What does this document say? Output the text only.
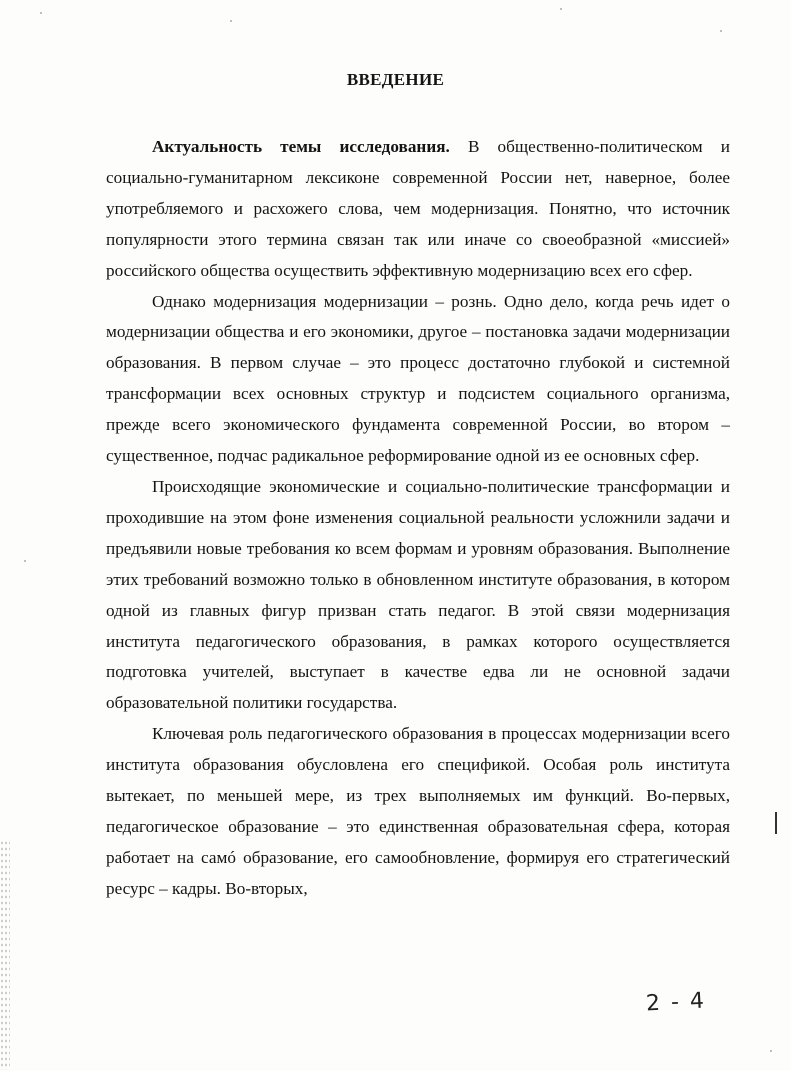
ВВЕДЕНИЕ

Актуальность темы исследования. В общественно-политическом и социально-гуманитарном лексиконе современной России нет, наверное, более употребляемого и расхожего слова, чем модернизация. Понятно, что источник популярности этого термина связан так или иначе со своеобразной «миссией» российского общества осуществить эффективную модернизацию всех его сфер.

Однако модернизация модернизации – рознь. Одно дело, когда речь идет о модернизации общества и его экономики, другое – постановка задачи модернизации образования. В первом случае – это процесс достаточно глубокой и системной трансформации всех основных структур и подсистем социального организма, прежде всего экономического фундамента современной России, во втором – существенное, подчас радикальное реформирование одной из ее основных сфер.

Происходящие экономические и социально-политические трансформации и проходившие на этом фоне изменения социальной реальности усложнили задачи и предъявили новые требования ко всем формам и уровням образования. Выполнение этих требований возможно только в обновленном институте образования, в котором одной из главных фигур призван стать педагог. В этой связи модернизация института педагогического образования, в рамках которого осуществляется подготовка учителей, выступает в качестве едва ли не основной задачи образовательной политики государства.

Ключевая роль педагогического образования в процессах модернизации всего института образования обусловлена его спецификой. Особая роль института вытекает, по меньшей мере, из трех выполняемых им функций. Во-первых, педагогическое образование – это единственная образовательная сфера, которая работает на самó образование, его самообновление, формируя его стратегический ресурс – кадры. Во-вторых,

2 - 4
